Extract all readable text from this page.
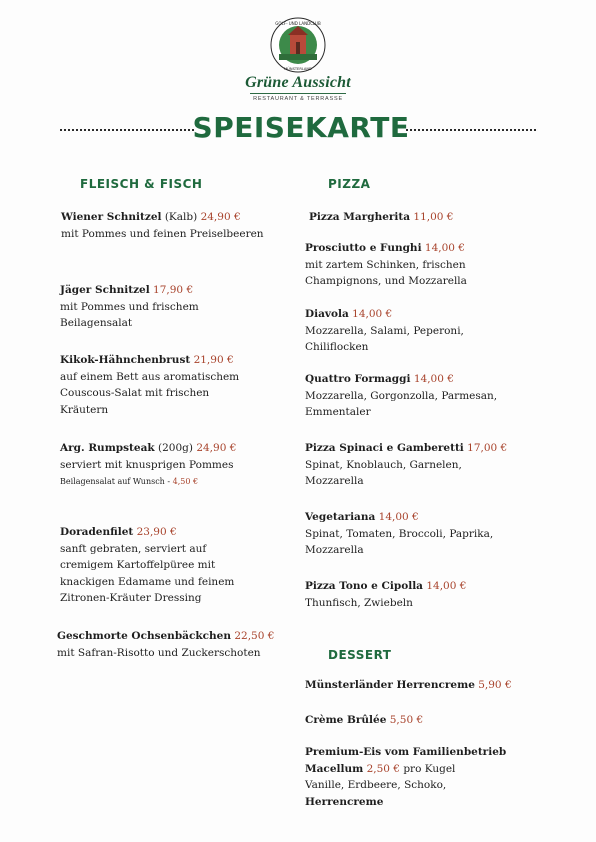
GOLF- UND LANDCLUB
MÜNSTERLAND
Grüne Aussicht
RESTAURANT & TERRASSE
SPEISEKARTE
FLEISCH & FISCH
Wiener Schnitzel (Kalb) 24,90 €
mit Pommes und feinen Preiselbeeren
Jäger Schnitzel 17,90 €
mit Pommes und frischem
Beilagensalat
Kikok-Hähnchenbrust 21,90 €
auf einem Bett aus aromatischem
Couscous-Salat mit frischen
Kräutern
Arg. Rumpsteak (200g) 24,90 €
serviert mit knusprigen Pommes
Beilagensalat auf Wunsch - 4,50 €
Doradenfilet 23,90 €
sanft gebraten, serviert auf
cremigem Kartoffelpüree mit
knackigen Edamame und feinem
Zitronen-Kräuter Dressing
Geschmorte Ochsenbäckchen 22,50 €
mit Safran-Risotto und Zuckerschoten
PIZZA
Pizza Margherita 11,00 €
Prosciutto e Funghi 14,00 €
mit zartem Schinken, frischen
Champignons, und Mozzarella
Diavola 14,00 €
Mozzarella, Salami, Peperoni,
Chiliflocken
Quattro Formaggi 14,00 €
Mozzarella, Gorgonzolla, Parmesan,
Emmentaler
Pizza Spinaci e Gamberetti 17,00 €
Spinat, Knoblauch, Garnelen,
Mozzarella
Vegetariana 14,00 €
Spinat, Tomaten, Broccoli, Paprika,
Mozzarella
Pizza Tono e Cipolla 14,00 €
Thunfisch, Zwiebeln
DESSERT
Münsterländer Herrencreme 5,90 €
Crème Brûlée 5,50 €
Premium-Eis vom Familienbetrieb
Macellum 2,50 € pro Kugel
Vanille, Erdbeere, Schoko,
Herrencreme
